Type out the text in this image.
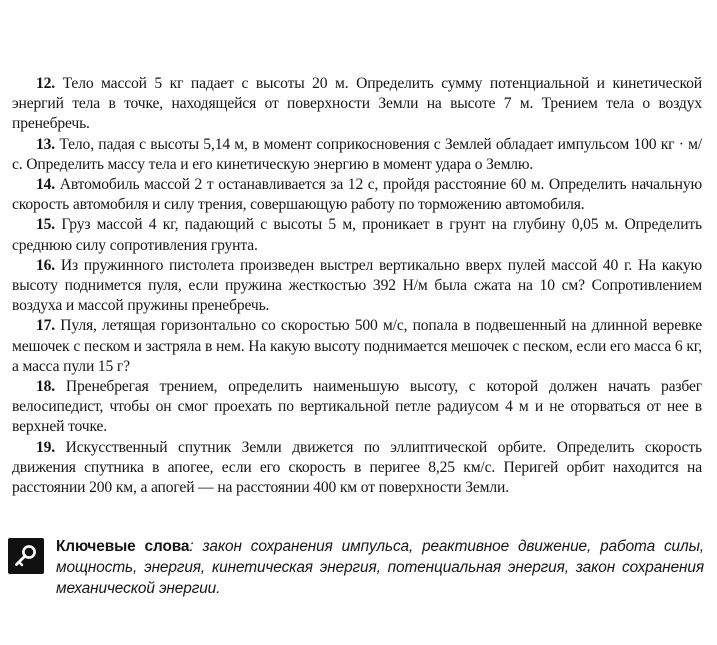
12. Тело массой 5 кг падает с высоты 20 м. Определить сумму потенциальной и кинетической энергий тела в точке, находящейся от поверхности Земли на высоте 7 м. Трением тела о воздух пренебречь.

13. Тело, падая с высоты 5,14 м, в момент соприкосновения с Землей обладает импульсом 100 кг · м/с. Определить массу тела и его кинетическую энергию в момент удара о Землю.

14. Автомобиль массой 2 т останавливается за 12 с, пройдя расстояние 60 м. Определить начальную скорость автомобиля и силу трения, совершающую работу по торможению автомобиля.

15. Груз массой 4 кг, падающий с высоты 5 м, проникает в грунт на глубину 0,05 м. Определить среднюю силу сопротивления грунта.

16. Из пружинного пистолета произведен выстрел вертикально вверх пулей массой 40 г. На какую высоту поднимется пуля, если пружина жесткостью 392 Н/м была сжата на 10 см? Сопротивлением воздуха и массой пружины пренебречь.

17. Пуля, летящая горизонтально со скоростью 500 м/с, попала в подвешенный на длинной веревке мешочек с песком и застряла в нем. На какую высоту поднимается мешочек с песком, если его масса 6 кг, а масса пули 15 г?

18. Пренебрегая трением, определить наименьшую высоту, с которой должен начать разбег велосипедист, чтобы он смог проехать по вертикальной петле радиусом 4 м и не оторваться от нее в верхней точке.

19. Искусственный спутник Земли движется по эллиптической орбите. Определить скорость движения спутника в апогее, если его скорость в перигее 8,25 км/с. Перигей орбит находится на расстоянии 200 км, а апогей — на расстоянии 400 км от поверхности Земли.

Ключевые слова: закон сохранения импульса, реактивное движение, работа силы, мощность, энергия, кинетическая энергия, потенциальная энергия, закон сохранения механической энергии.
